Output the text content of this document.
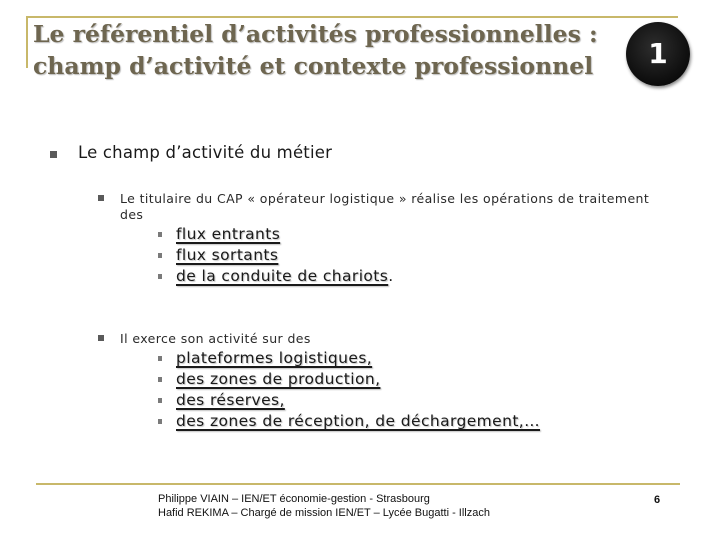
Le référentiel d’activités professionnelles :
champ d’activité et contexte professionnel	1
Le champ d’activité du métier
Le titulaire du CAP « opérateur logistique » réalise les opérations de traitement
des
flux entrants
flux sortants
de la conduite de chariots.
Il exerce son activité sur des
plateformes logistiques,
des zones de production,
des réserves,
des zones de réception, de déchargement,…
Philippe VIAIN – IEN/ET économie-gestion - Strasbourg
Hafid REKIMA – Chargé de mission IEN/ET – Lycée Bugatti - Illzach
6
